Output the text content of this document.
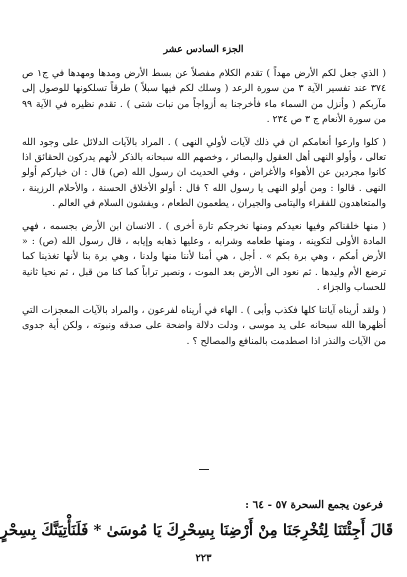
الجزء السادس عشر

( الذي جعل لكم الأرض مهداً ) تقدم الكلام مفصلاً عن بسط الأرض ومدها ومهدها في ج١ ص ٣٧٤ عند تفسير الآية ٣ من سورة الرعد ( وسلك لكم فيها سبلاً ) طرقاً تسلكونها للوصول إلى مآربكم ( وأنزل من السماء ماء فأخرجنا به أزواجاً من نبات شتى ) . تقدم نظيره في الآية ٩٩ من سورة الأنعام ج ٣ ص ٢٣٤ .

( كلوا وارعوا أنعامكم ان في ذلك لآيات لأولي النهى ) . المراد بالآيات الدلائل على وجود الله تعالى ، وأولو النهى أهل العقول والبصائر ، وخصهم الله سبحانه بالذكر لأنهم يدركون الحقائق اذا كانوا مجردين عن الأهواء والأغراض ، وفي الحديث ان رسول الله (ص) قال : ان خياركم أولو النهى . قالوا : ومن أولو النهى يا رسول الله ؟ قال : أولو الأخلاق الحسنة ، والأحلام الرزينة ، والمتعاهدون للفقراء واليتامى والجيران ، يطعمون الطعام ، ويفشون السلام في العالم .

( منها خلقناكم وفيها نعيدكم ومنها نخرجكم تارة أخرى ) . الانسان ابن الأرض بجسمه ، فهي المادة الأولى لتكوينه ، ومنها طعامه وشرابه ، وعليها ذهابه وإيابه ، قال رسول الله (ص) : « الأرض أمكم ، وهي برة بكم » . أجل ، هي أمنا لأننا منها ولدنا ، وهي برة بنا لأنها تغذينا كما ترضع الأم وليدها . ثم نعود الى الأرض بعد الموت ، ونصير تراباً كما كنا من قبل ، ثم نحيا ثانية للحساب والجزاء .

( ولقد أريناه آياتنا كلها فكذب وأبى ) . الهاء في أريناه لفرعون ، والمراد بالآيات المعجزات التي أظهرها الله سبحانه على يد موسى ، ودلت دلالة واضحة على صدقه ونبوته ، ولكن أية جدوى من الآيات والنذر اذا اصطدمت بالمنافع والمصالح ؟ .

فرعون يجمع السحرة ٥٧ - ٦٤ :
قَالَ أَجِئْتَنَا لِتُخْرِجَنَا مِنْ أَرْضِنَا بِسِحْرِكَ يَا مُوسَىٰ * فَلَنَأْتِيَنَّكَ بِسِحْرٍ
٢٢٣
